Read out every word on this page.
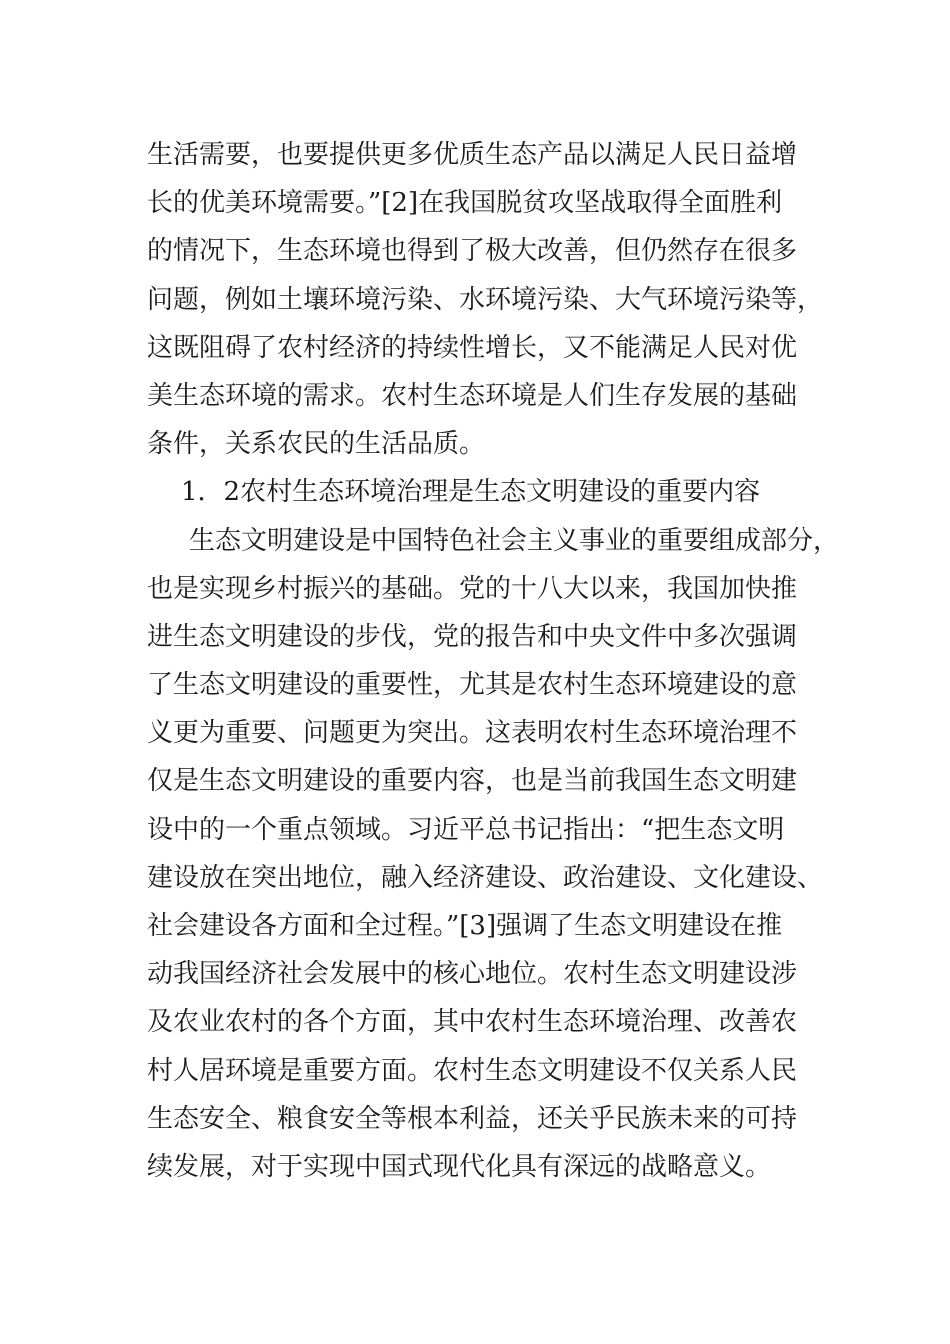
生活需要，也要提供更多优质生态产品以满足人民日益增
长的优美环境需要。”[2]在我国脱贫攻坚战取得全面胜利
的情况下，生态环境也得到了极大改善，但仍然存在很多
问题，例如土壤环境污染、水环境污染、大气环境污染等，
这既阻碍了农村经济的持续性增长，又不能满足人民对优
美生态环境的需求。农村生态环境是人们生存发展的基础
条件，关系农民的生活品质。
1．2农村生态环境治理是生态文明建设的重要内容
生态文明建设是中国特色社会主义事业的重要组成部分，
也是实现乡村振兴的基础。党的十八大以来，我国加快推
进生态文明建设的步伐，党的报告和中央文件中多次强调
了生态文明建设的重要性，尤其是农村生态环境建设的意
义更为重要、问题更为突出。这表明农村生态环境治理不
仅是生态文明建设的重要内容，也是当前我国生态文明建
设中的一个重点领域。习近平总书记指出：“把生态文明
建设放在突出地位，融入经济建设、政治建设、文化建设、
社会建设各方面和全过程。”[3]强调了生态文明建设在推
动我国经济社会发展中的核心地位。农村生态文明建设涉
及农业农村的各个方面，其中农村生态环境治理、改善农
村人居环境是重要方面。农村生态文明建设不仅关系人民
生态安全、粮食安全等根本利益，还关乎民族未来的可持
续发展，对于实现中国式现代化具有深远的战略意义。
